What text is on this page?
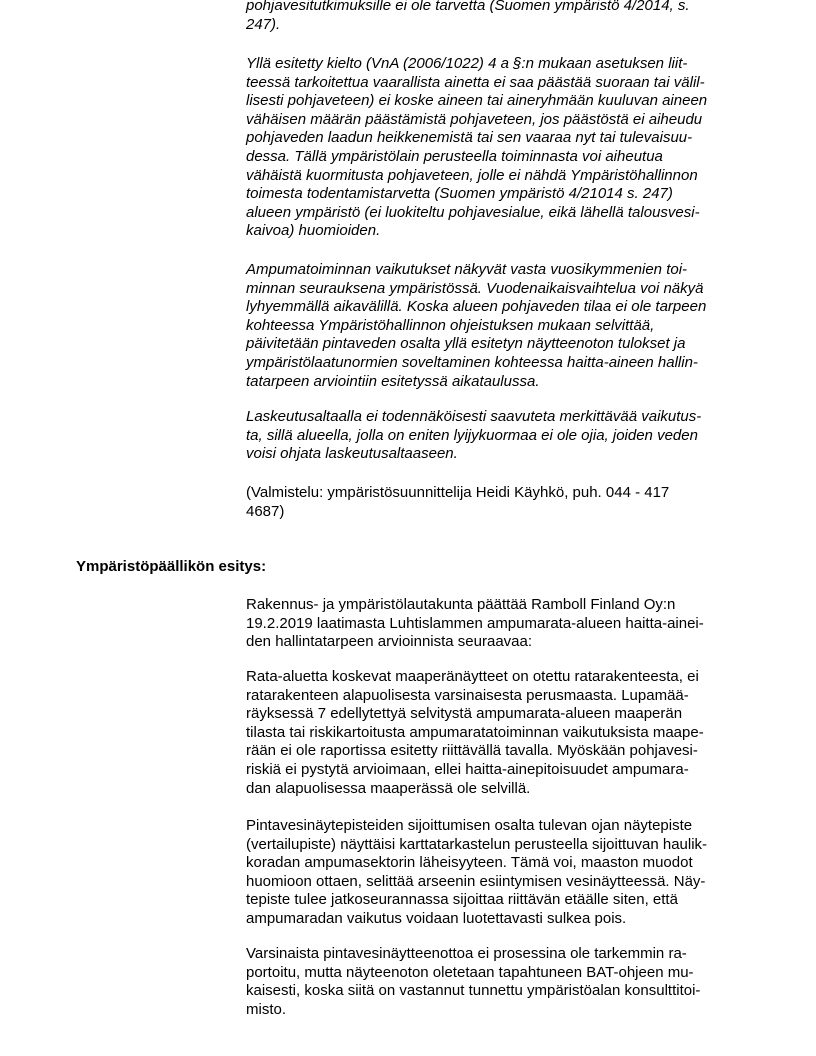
pohjavesitutkimuksille ei ole tarvetta (Suomen ympäristö 4/2014, s.
247).

Yllä esitetty kielto (VnA (2006/1022) 4 a §:n mukaan asetuksen liit-
teessä tarkoitettua vaarallista ainetta ei saa päästää suoraan tai välil-
lisesti pohjaveteen) ei koske aineen tai aineryhmään kuuluvan aineen
vähäisen määrän päästämistä pohjaveteen, jos päästöstä ei aiheudu
pohjaveden laadun heikkenemistä tai sen vaaraa nyt tai tulevaisuu-
dessa. Tällä ympäristölain perusteella toiminnasta voi aiheutua
vähäistä kuormitusta pohjaveteen, jolle ei nähdä Ympäristöhallinnon
toimesta todentamistarvetta (Suomen ympäristö 4/21014 s. 247)
alueen ympäristö (ei luokiteltu pohjavesialue, eikä lähellä talousvesi-
kaivoa) huomioiden.

Ampumatoiminnan vaikutukset näkyvät vasta vuosikymmenien toi-
minnan seurauksena ympäristössä. Vuodenaikaisvaihtelua voi näkyä
lyhyemmällä aikavälillä. Koska alueen pohjaveden tilaa ei ole tarpeen
kohteessa Ympäristöhallinnon ohjeistuksen mukaan selvittää,
päivitetään pintaveden osalta yllä esitetyn näytteenoton tulokset ja
ympäristölaatunormien soveltaminen kohteessa haitta-aineen hallin-
tatarpeen arviointiin esitetyssä aikataulussa.

Laskeutusaltaalla ei todennäköisesti saavuteta merkittävää vaikutus-
ta, sillä alueella, jolla on eniten lyijykuormaa ei ole ojia, joiden veden
voisi ohjata laskeutusaltaaseen.

(Valmistelu: ympäristösuunnittelija Heidi Käyhkö, puh. 044 - 417
4687)

Ympäristöpäällikön esitys:

Rakennus- ja ympäristölautakunta päättää Ramboll Finland Oy:n
19.2.2019 laatimasta Luhtislammen ampumarata-alueen haitta-ainei-
den hallintatarpeen arvioinnista seuraavaa:

Rata-aluetta koskevat maaperänäytteet on otettu ratarakenteesta, ei
ratarakenteen alapuolisesta varsinaisesta perusmaasta. Lupamää-
räyksessä 7 edellytettyä selvitystä ampumarata-alueen maaperän
tilasta tai riskikartoitusta ampumaratatoiminnan vaikutuksista maape-
rään ei ole raportissa esitetty riittävällä tavalla. Myöskään pohjavesi-
riskiä ei pystytä arvioimaan, ellei haitta-ainepitoisuudet ampumara-
dan alapuolisessa maaperässä ole selvillä.

Pintavesinäytepisteiden sijoittumisen osalta tulevan ojan näytepiste
(vertailupiste) näyttäisi karttatarkastelun perusteella sijoittuvan haulik-
koradan ampumasektorin läheisyyteen. Tämä voi, maaston muodot
huomioon ottaen, selittää arseenin esiintymisen vesinäytteessä. Näy-
tepiste tulee jatkoseurannassa sijoittaa riittävän etäälle siten, että
ampumaradan vaikutus voidaan luotettavasti sulkea pois.

Varsinaista pintavesinäytteenottoa ei prosessina ole tarkemmin ra-
portoitu, mutta näyteenoton oletetaan tapahtuneen BAT-ohjeen mu-
kaisesti, koska siitä on vastannut tunnettu ympäristöalan konsulttitoi-
misto.
